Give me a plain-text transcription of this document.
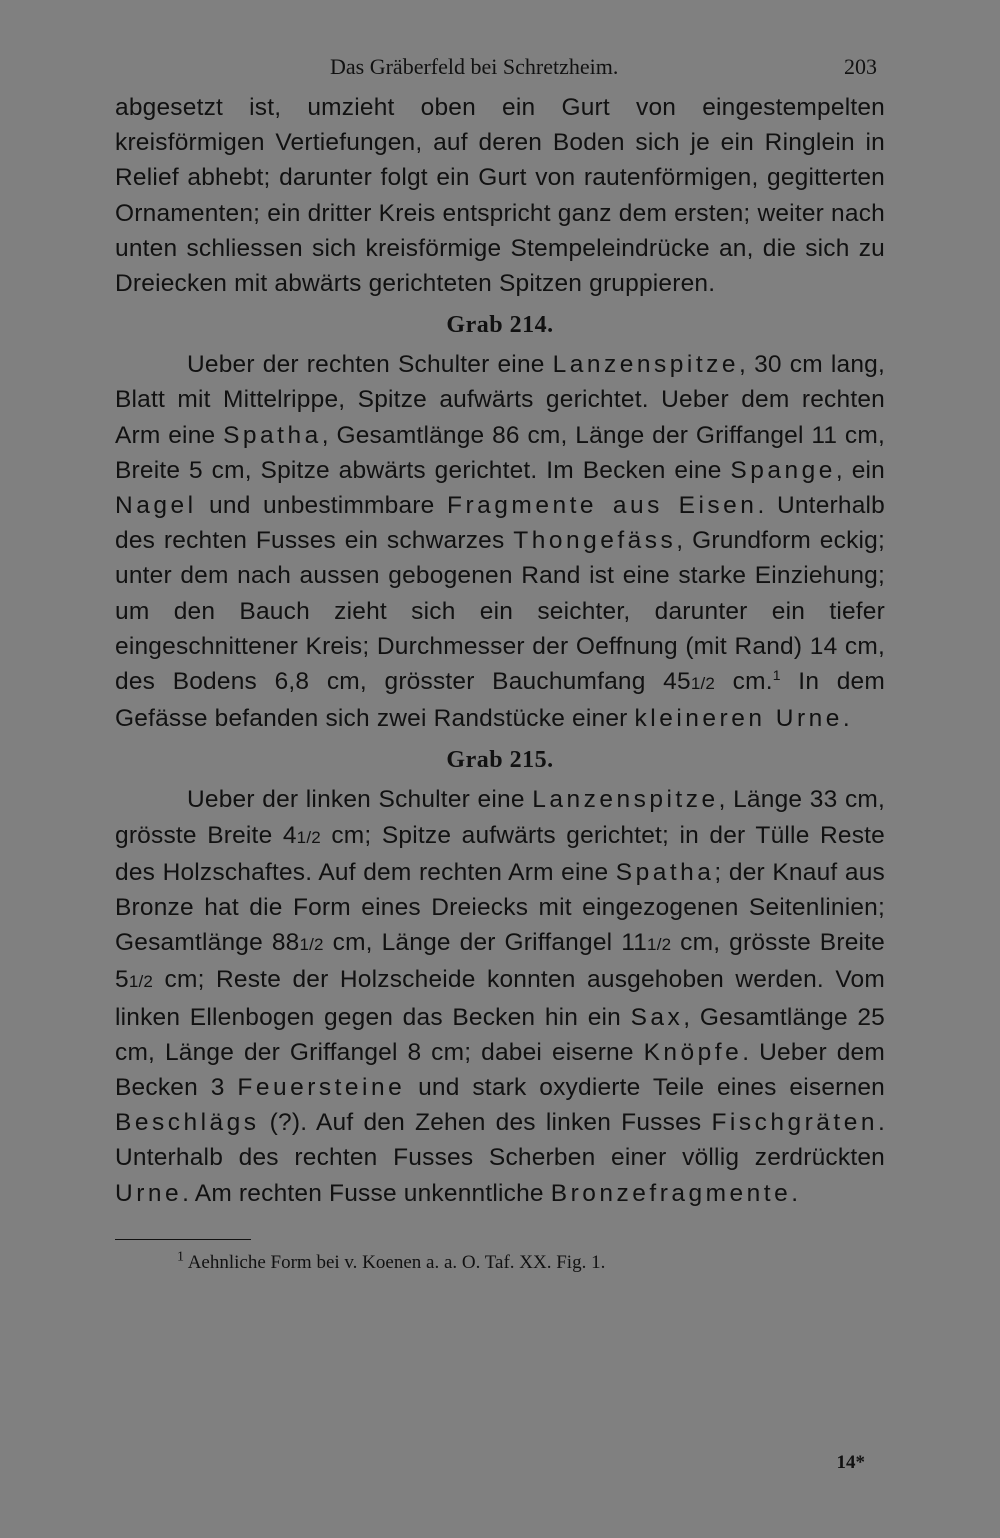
Das Gräberfeld bei Schretzheim.	203

abgesetzt ist, umzieht oben ein Gurt von eingestempelten kreisförmigen Vertiefungen, auf deren Boden sich je ein Ringlein in Relief abhebt; darunter folgt ein Gurt von rautenförmigen, gegitterten Ornamenten; ein dritter Kreis entspricht ganz dem ersten; weiter nach unten schliessen sich kreisförmige Stempeleindrücke an, die sich zu Dreiecken mit abwärts gerichteten Spitzen gruppieren.

Grab 214.

Ueber der rechten Schulter eine Lanzenspitze, 30 cm lang, Blatt mit Mittelrippe, Spitze aufwärts gerichtet. Ueber dem rechten Arm eine Spatha, Gesamtlänge 86 cm, Länge der Griffangel 11 cm, Breite 5 cm, Spitze abwärts gerichtet. Im Becken eine Spange, ein Nagel und unbestimmbare Fragmente aus Eisen. Unterhalb des rechten Fusses ein schwarzes Thongefäss, Grundform eckig; unter dem nach aussen gebogenen Rand ist eine starke Einziehung; um den Bauch zieht sich ein seichter, darunter ein tiefer eingeschnittener Kreis; Durchmesser der Oeffnung (mit Rand) 14 cm, des Bodens 6,8 cm, grösster Bauchumfang 451/2 cm.$^1$ In dem Gefässe befanden sich zwei Randstücke einer kleineren Urne.

Grab 215.

Ueber der linken Schulter eine Lanzenspitze, Länge 33 cm, grösste Breite 41/2 cm; Spitze aufwärts gerichtet; in der Tülle Reste des Holzschaftes. Auf dem rechten Arm eine Spatha; der Knauf aus Bronze hat die Form eines Dreiecks mit eingezogenen Seitenlinien; Gesamtlänge 881/2 cm, Länge der Griffangel 111/2 cm, grösste Breite 51/2 cm; Reste der Holzscheide konnten ausgehoben werden. Vom linken Ellenbogen gegen das Becken hin ein Sax, Gesamtlänge 25 cm, Länge der Griffangel 8 cm; dabei eiserne Knöpfe. Ueber dem Becken 3 Feuersteine und stark oxydierte Teile eines eisernen Beschlägs (?). Auf den Zehen des linken Fusses Fischgräten. Unterhalb des rechten Fusses Scherben einer völlig zerdrückten Urne. Am rechten Fusse unkenntliche Bronzefragmente.

$^1$ Aehnliche Form bei v. Koenen a. a. O. Taf. XX. Fig. 1.
14*
